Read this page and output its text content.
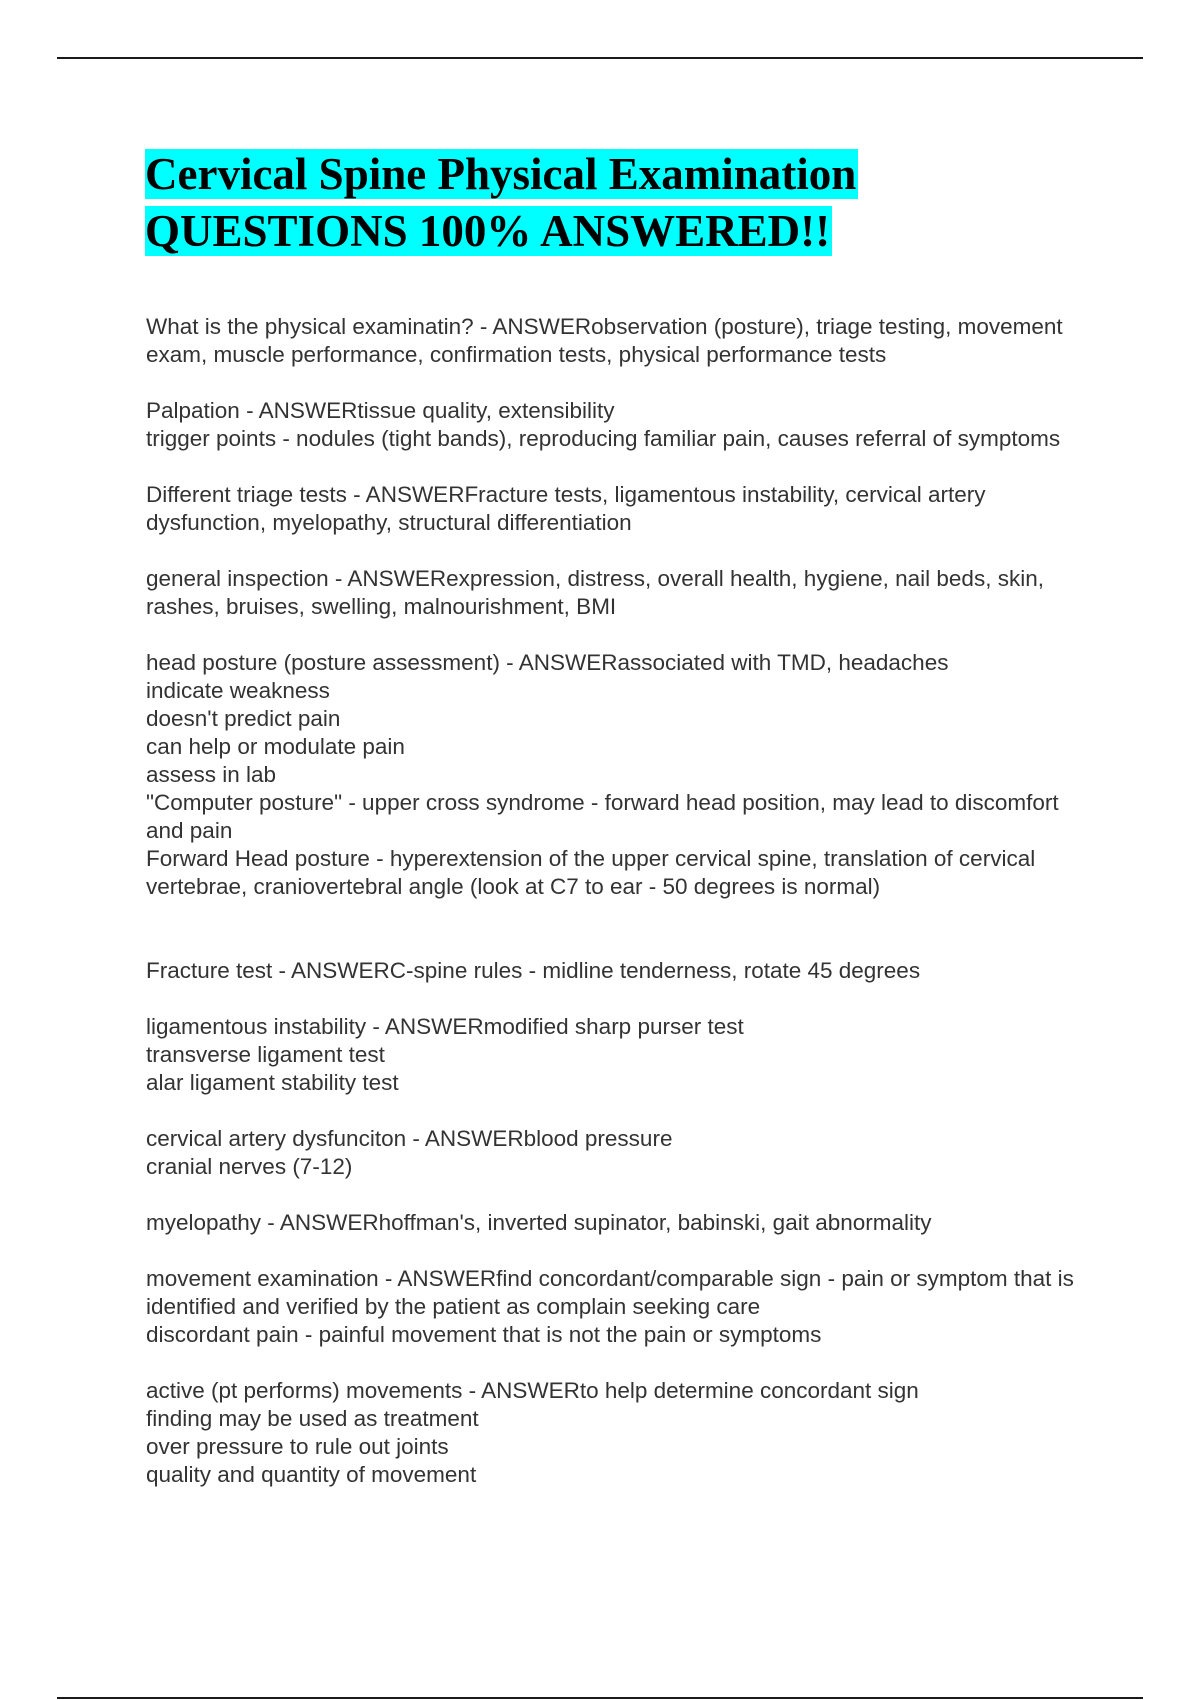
Cervical Spine Physical Examination
QUESTIONS 100% ANSWERED!!
What is the physical examinatin? - ANSWERobservation (posture), triage testing, movement exam, muscle performance, confirmation tests, physical performance tests
Palpation - ANSWERtissue quality, extensibility
trigger points - nodules (tight bands), reproducing familiar pain, causes referral of symptoms
Different triage tests - ANSWERFracture tests, ligamentous instability, cervical artery dysfunction, myelopathy, structural differentiation
general inspection - ANSWERexpression, distress, overall health, hygiene, nail beds, skin, rashes, bruises, swelling, malnourishment, BMI
head posture (posture assessment) - ANSWERassociated with TMD, headaches
indicate weakness
doesn't predict pain
can help or modulate pain
assess in lab
"Computer posture" - upper cross syndrome - forward head position, may lead to discomfort and pain
Forward Head posture - hyperextension of the upper cervical spine, translation of cervical vertebrae, craniovertebral angle (look at C7 to ear - 50 degrees is normal)
Fracture test - ANSWERC-spine rules - midline tenderness, rotate 45 degrees
ligamentous instability - ANSWERmodified sharp purser test
transverse ligament test
alar ligament stability test
cervical artery dysfunciton - ANSWERblood pressure
cranial nerves (7-12)
myelopathy - ANSWERhoffman's, inverted supinator, babinski, gait abnormality
movement examination - ANSWERfind concordant/comparable sign - pain or symptom that is identified and verified by the patient as complain seeking care
discordant pain - painful movement that is not the pain or symptoms
active (pt performs) movements - ANSWERto help determine concordant sign
finding may be used as treatment
over pressure to rule out joints
quality and quantity of movement
